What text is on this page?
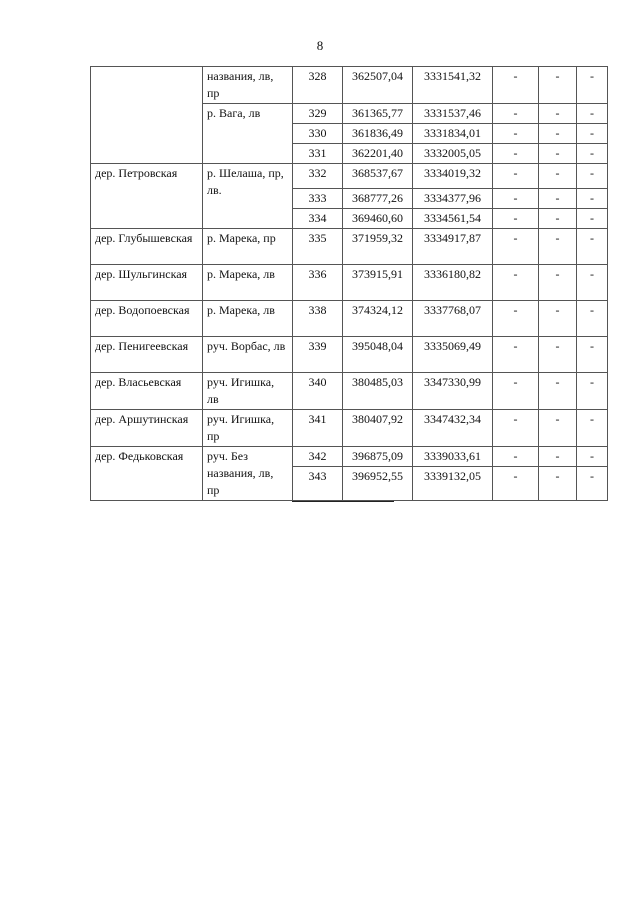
8
	названия, лв, пр	328	362507,04	3331541,32	-	-	-
	р. Вага, лв	329	361365,77	3331537,46	-	-	-
		330	361836,49	3331834,01	-	-	-
		331	362201,40	3332005,05	-	-	-
дер. Петровская	р. Шелаша, пр, лв.	332	368537,67	3334019,32	-	-	-
		333	368777,26	3334377,96	-	-	-
		334	369460,60	3334561,54	-	-	-
дер. Глубышевская	р. Марека, пр	335	371959,32	3334917,87	-	-	-
дер. Шульгинская	р. Марека, лв	336	373915,91	3336180,82	-	-	-
дер. Водопоевская	р. Марека, лв	338	374324,12	3337768,07	-	-	-
дер. Пенигеевская	руч. Ворбас, лв	339	395048,04	3335069,49	-	-	-
дер. Власьевская	руч. Игишка, лв	340	380485,03	3347330,99	-	-	-
дер. Аршутинская	руч. Игишка, пр	341	380407,92	3347432,34	-	-	-
дер. Федьковская	руч. Без названия, лв, пр	342	396875,09	3339033,61	-	-	-
		343	396952,55	3339132,05	-	-	-
